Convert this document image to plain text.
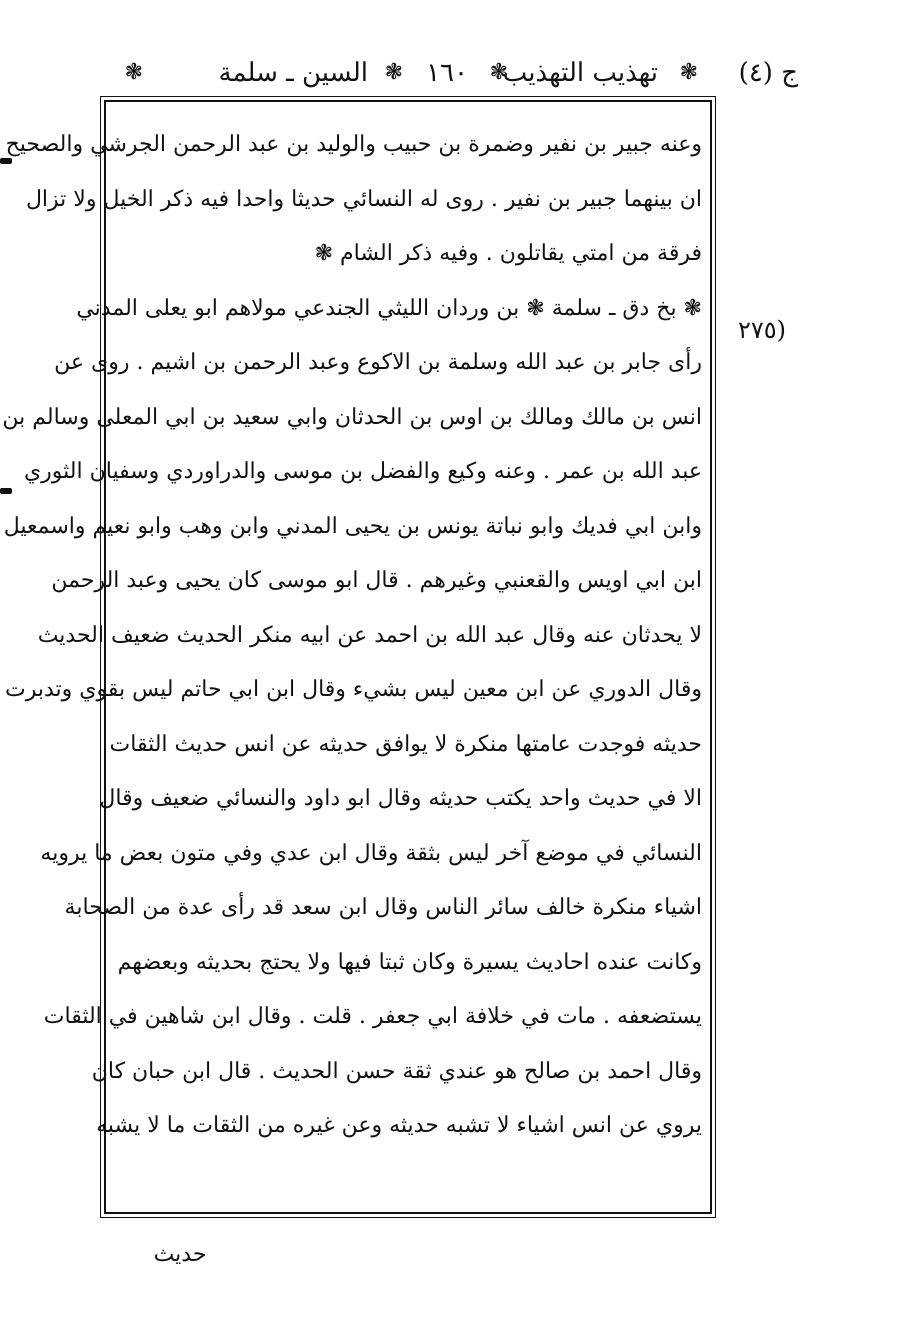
ج (٤)
❃
تهذيب التهذيب
❃
١٦٠
❃
السين ـ سلمة
❃
(٢٧٥
وعنه جبير بن نفير وضمرة بن حبيب والوليد بن عبد الرحمن الجرشي والصحيح
ان بينهما جبير بن نفير . روى له النسائي حديثا واحدا فيه ذكر الخيل ولا تزال
فرقة من امتي يقاتلون . وفيه ذكر الشام ❃
❃ بخ دق ـ سلمة ❃ بن وردان الليثي الجندعي مولاهم ابو يعلى المدني
رأى جابر بن عبد الله وسلمة بن الاكوع وعبد الرحمن بن اشيم . روى عن
انس بن مالك ومالك بن اوس بن الحدثان وابي سعيد بن ابي المعلى وسالم بن
عبد الله بن عمر . وعنه وكيع والفضل بن موسى والدراوردي وسفيان الثوري
وابن ابي فديك وابو نباتة يونس بن يحيى المدني وابن وهب وابو نعيم واسمعيل
ابن ابي اويس والقعنبي وغيرهم . قال ابو موسى كان يحيى وعبد الرحمن
لا يحدثان عنه وقال عبد الله بن احمد عن ابيه منكر الحديث ضعيف الحديث
وقال الدوري عن ابن معين ليس بشيء وقال ابن ابي حاتم ليس بقوي وتدبرت
حديثه فوجدت عامتها منكرة لا يوافق حديثه عن انس حديث الثقات
الا في حديث واحد يكتب حديثه وقال ابو داود والنسائي ضعيف وقال
النسائي في موضع آخر ليس بثقة وقال ابن عدي وفي متون بعض ما يرويه
اشياء منكرة خالف سائر الناس وقال ابن سعد قد رأى عدة من الصحابة
وكانت عنده احاديث يسيرة وكان ثبتا فيها ولا يحتج بحديثه وبعضهم
يستضعفه . مات في خلافة ابي جعفر . قلت . وقال ابن شاهين في الثقات
وقال احمد بن صالح هو عندي ثقة حسن الحديث . قال ابن حبان كان
يروي عن انس اشياء لا تشبه حديثه وعن غيره من الثقات ما لا يشبه
حديث
